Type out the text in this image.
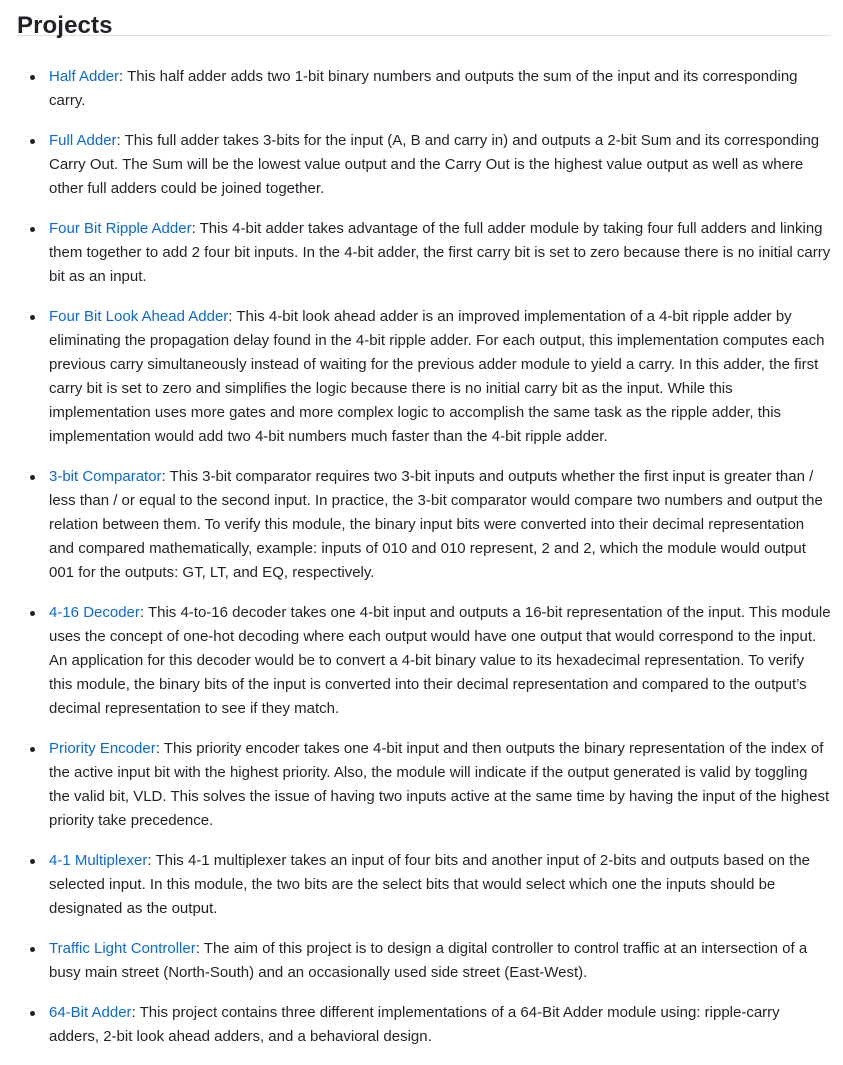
Projects
Half Adder: This half adder adds two 1-bit binary numbers and outputs the sum of the input and its corresponding carry.
Full Adder: This full adder takes 3-bits for the input (A, B and carry in) and outputs a 2-bit Sum and its corresponding Carry Out. The Sum will be the lowest value output and the Carry Out is the highest value output as well as where other full adders could be joined together.
Four Bit Ripple Adder: This 4-bit adder takes advantage of the full adder module by taking four full adders and linking them together to add 2 four bit inputs. In the 4-bit adder, the first carry bit is set to zero because there is no initial carry bit as an input.
Four Bit Look Ahead Adder: This 4-bit look ahead adder is an improved implementation of a 4-bit ripple adder by eliminating the propagation delay found in the 4-bit ripple adder. For each output, this implementation computes each previous carry simultaneously instead of waiting for the previous adder module to yield a carry. In this adder, the first carry bit is set to zero and simplifies the logic because there is no initial carry bit as the input. While this implementation uses more gates and more complex logic to accomplish the same task as the ripple adder, this implementation would add two 4-bit numbers much faster than the 4-bit ripple adder.
3-bit Comparator: This 3-bit comparator requires two 3-bit inputs and outputs whether the first input is greater than / less than / or equal to the second input. In practice, the 3-bit comparator would compare two numbers and output the relation between them. To verify this module, the binary input bits were converted into their decimal representation and compared mathematically, example: inputs of 010 and 010 represent, 2 and 2, which the module would output 001 for the outputs: GT, LT, and EQ, respectively.
4-16 Decoder: This 4-to-16 decoder takes one 4-bit input and outputs a 16-bit representation of the input. This module uses the concept of one-hot decoding where each output would have one output that would correspond to the input. An application for this decoder would be to convert a 4-bit binary value to its hexadecimal representation. To verify this module, the binary bits of the input is converted into their decimal representation and compared to the output’s decimal representation to see if they match.
Priority Encoder: This priority encoder takes one 4-bit input and then outputs the binary representation of the index of the active input bit with the highest priority. Also, the module will indicate if the output generated is valid by toggling the valid bit, VLD. This solves the issue of having two inputs active at the same time by having the input of the highest priority take precedence.
4-1 Multiplexer: This 4-1 multiplexer takes an input of four bits and another input of 2-bits and outputs based on the selected input. In this module, the two bits are the select bits that would select which one the inputs should be designated as the output.
Traffic Light Controller: The aim of this project is to design a digital controller to control traffic at an intersection of a busy main street (North-South) and an occasionally used side street (East-West).
64-Bit Adder: This project contains three different implementations of a 64-Bit Adder module using: ripple-carry adders, 2-bit look ahead adders, and a behavioral design.
